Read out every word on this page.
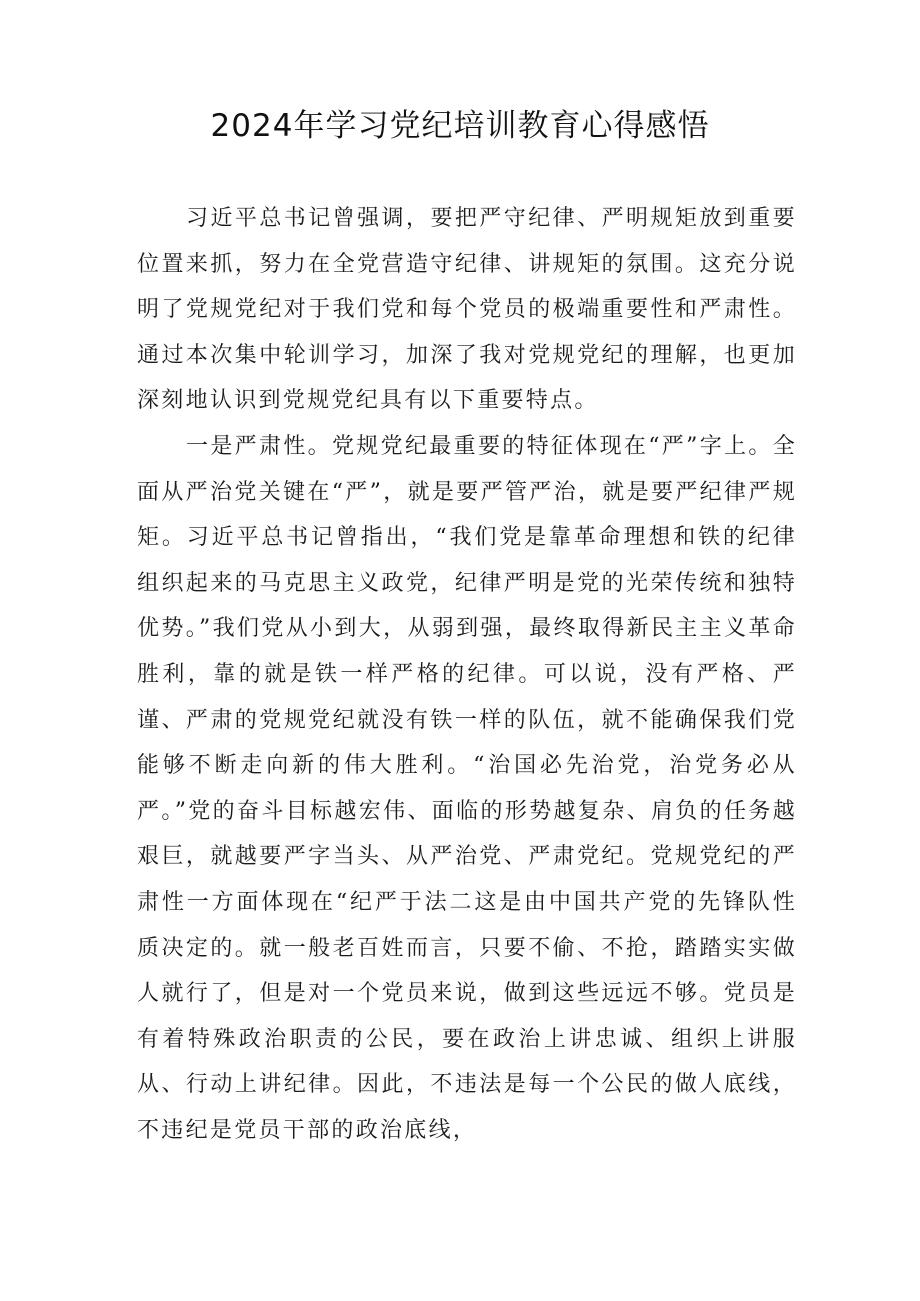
2024年学习党纪培训教育心得感悟

习近平总书记曾强调，要把严守纪律、严明规矩放到重要位置来抓，努力在全党营造守纪律、讲规矩的氛围。这充分说明了党规党纪对于我们党和每个党员的极端重要性和严肃性。通过本次集中轮训学习，加深了我对党规党纪的理解，也更加深刻地认识到党规党纪具有以下重要特点。

一是严肃性。党规党纪最重要的特征体现在“严”字上。全面从严治党关键在“严”，就是要严管严治，就是要严纪律严规矩。习近平总书记曾指出，“我们党是靠革命理想和铁的纪律组织起来的马克思主义政党，纪律严明是党的光荣传统和独特优势。”我们党从小到大，从弱到强，最终取得新民主主义革命胜利，靠的就是铁一样严格的纪律。可以说，没有严格、严谨、严肃的党规党纪就没有铁一样的队伍，就不能确保我们党能够不断走向新的伟大胜利。“治国必先治党，治党务必从严。”党的奋斗目标越宏伟、面临的形势越复杂、肩负的任务越艰巨，就越要严字当头、从严治党、严肃党纪。党规党纪的严肃性一方面体现在“纪严于法二这是由中国共产党的先锋队性质决定的。就一般老百姓而言，只要不偷、不抢，踏踏实实做人就行了，但是对一个党员来说，做到这些远远不够。党员是有着特殊政治职责的公民，要在政治上讲忠诚、组织上讲服从、行动上讲纪律。因此，不违法是每一个公民的做人底线，不违纪是党员干部的政治底线，
